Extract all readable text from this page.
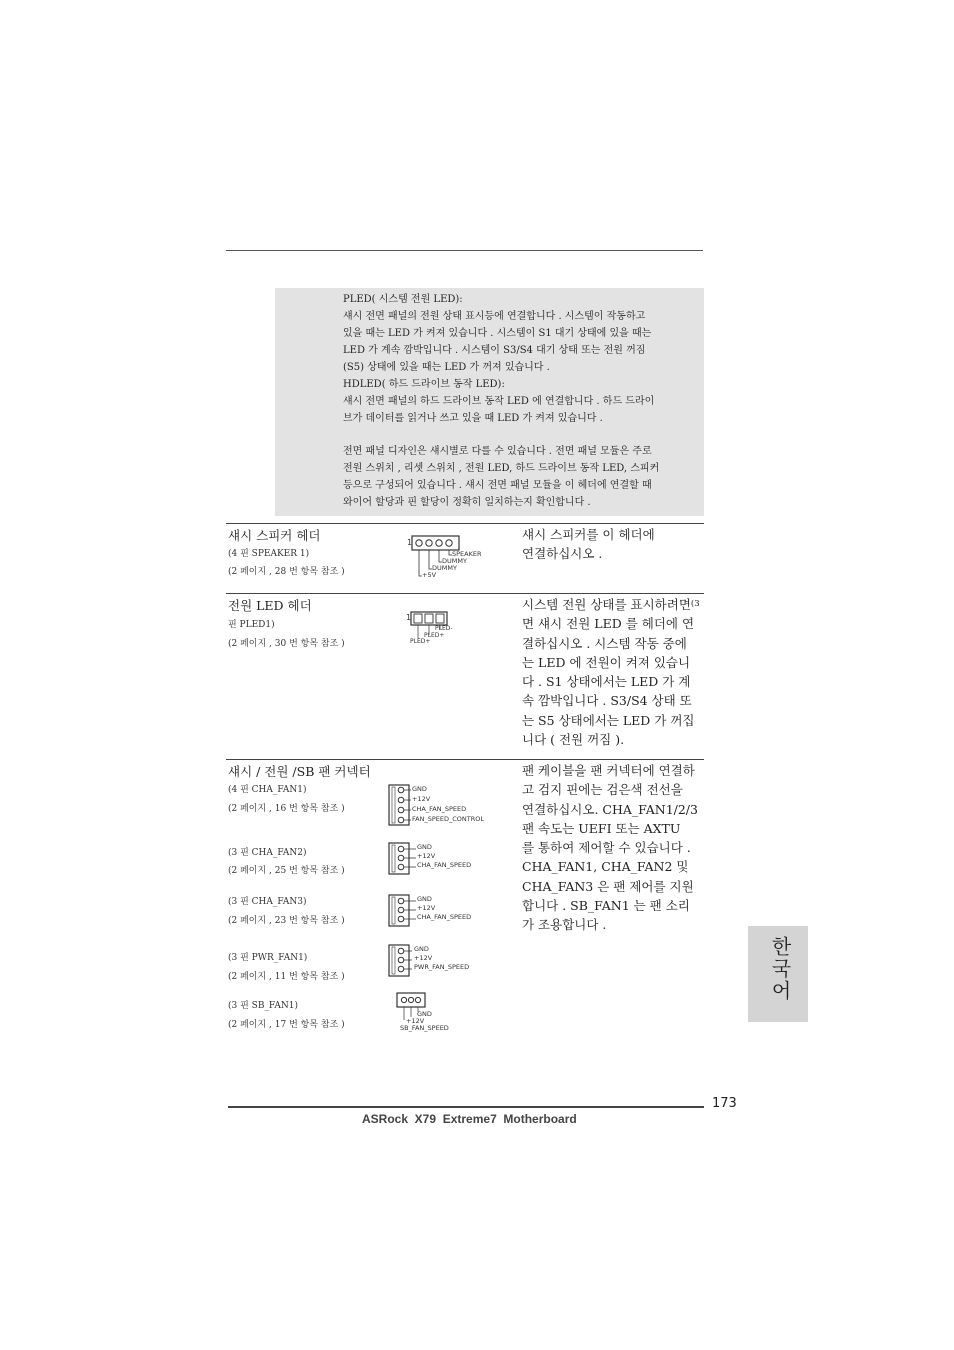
PLED( 시스템 전원 LED):

섀시 전면 패널의 전원 상태 표시등에 연결합니다 . 시스템이 작동하고

있을 때는 LED 가 켜져 있습니다 . 시스템이 S1 대기 상태에 있을 때는

LED 가 계속 깜박입니다 . 시스템이 S3/S4 대기 상태 또는 전원 꺼짐

(S5) 상태에 있을 때는 LED 가 꺼져 있습니다 .

HDLED( 하드 드라이브 동작 LED):

섀시 전면 패널의 하드 드라이브 동작 LED 에 연결합니다 . 하드 드라이

브가 데이터를 읽거나 쓰고 있을 때 LED 가 켜져 있습니다 .

전면 패널 디자인은 섀시별로 다를 수 있습니다 . 전면 패널 모듈은 주로

전원 스위치 , 리셋 스위치 , 전원 LED, 하드 드라이브 동작 LED, 스피커

등으로 구성되어 있습니다 . 섀시 전면 패널 모듈을 이 헤더에 연결할 때

와이어 할당과 핀 할당이 정확히 일치하는지 확인합니다 .

섀시 스피커 헤더
(4 핀 SPEAKER 1)
(2 페이지 , 28 번 항목 참조 )
1
SPEAKER
DUMMY
DUMMY
+5V
섀시 스피커를 이 헤더에
연결하십시오 .
전원 LED 헤더
핀 PLED1)
(2 페이지 , 30 번 항목 참조 )
1
PLED-
PLED+
PLED+
시스템 전원 상태를 표시하려면$^{(3}$
면 섀시 전원 LED 를 헤더에 연
결하십시오 . 시스템 작동 중에
는 LED 에 전원이 켜져 있습니
다 . S1 상태에서는 LED 가 계
속 깜박입니다 . S3/S4 상태 또
는 S5 상태에서는 LED 가 꺼집
니다 ( 전원 꺼짐 ).
섀시 / 전원 /SB 팬 커넥터
(4 핀 CHA_FAN1)
(2 페이지 , 16 번 항목 참조 )
GND
+12V
CHA_FAN_SPEED
FAN_SPEED_CONTROL
(3 핀 CHA_FAN2)
(2 페이지 , 25 번 항목 참조 )
GND
+12V
CHA_FAN_SPEED
(3 핀 CHA_FAN3)
(2 페이지 , 23 번 항목 참조 )
GND
+12V
CHA_FAN_SPEED
(3 핀 PWR_FAN1)
(2 페이지 , 11 번 항목 참조 )
GND
+12V
PWR_FAN_SPEED
(3 핀 SB_FAN1)
(2 페이지 , 17 번 항목 참조 )
GND
+12V
SB_FAN_SPEED
팬 케이블을 팬 커넥터에 연결하
고 검지 핀에는 검은색 전선을
연결하십시오. CHA_FAN1/2/3
팬 속도는 UEFI 또는 AXTU
를 통하여 제어할 수 있습니다 .
CHA_FAN1, CHA_FAN2 및
CHA_FAN3 은 팬 제어를 지원
합니다 . SB_FAN1 는 팬 소리
가 조용합니다 .
한국어
173
ASRock  X79  Extreme7  Motherboard
